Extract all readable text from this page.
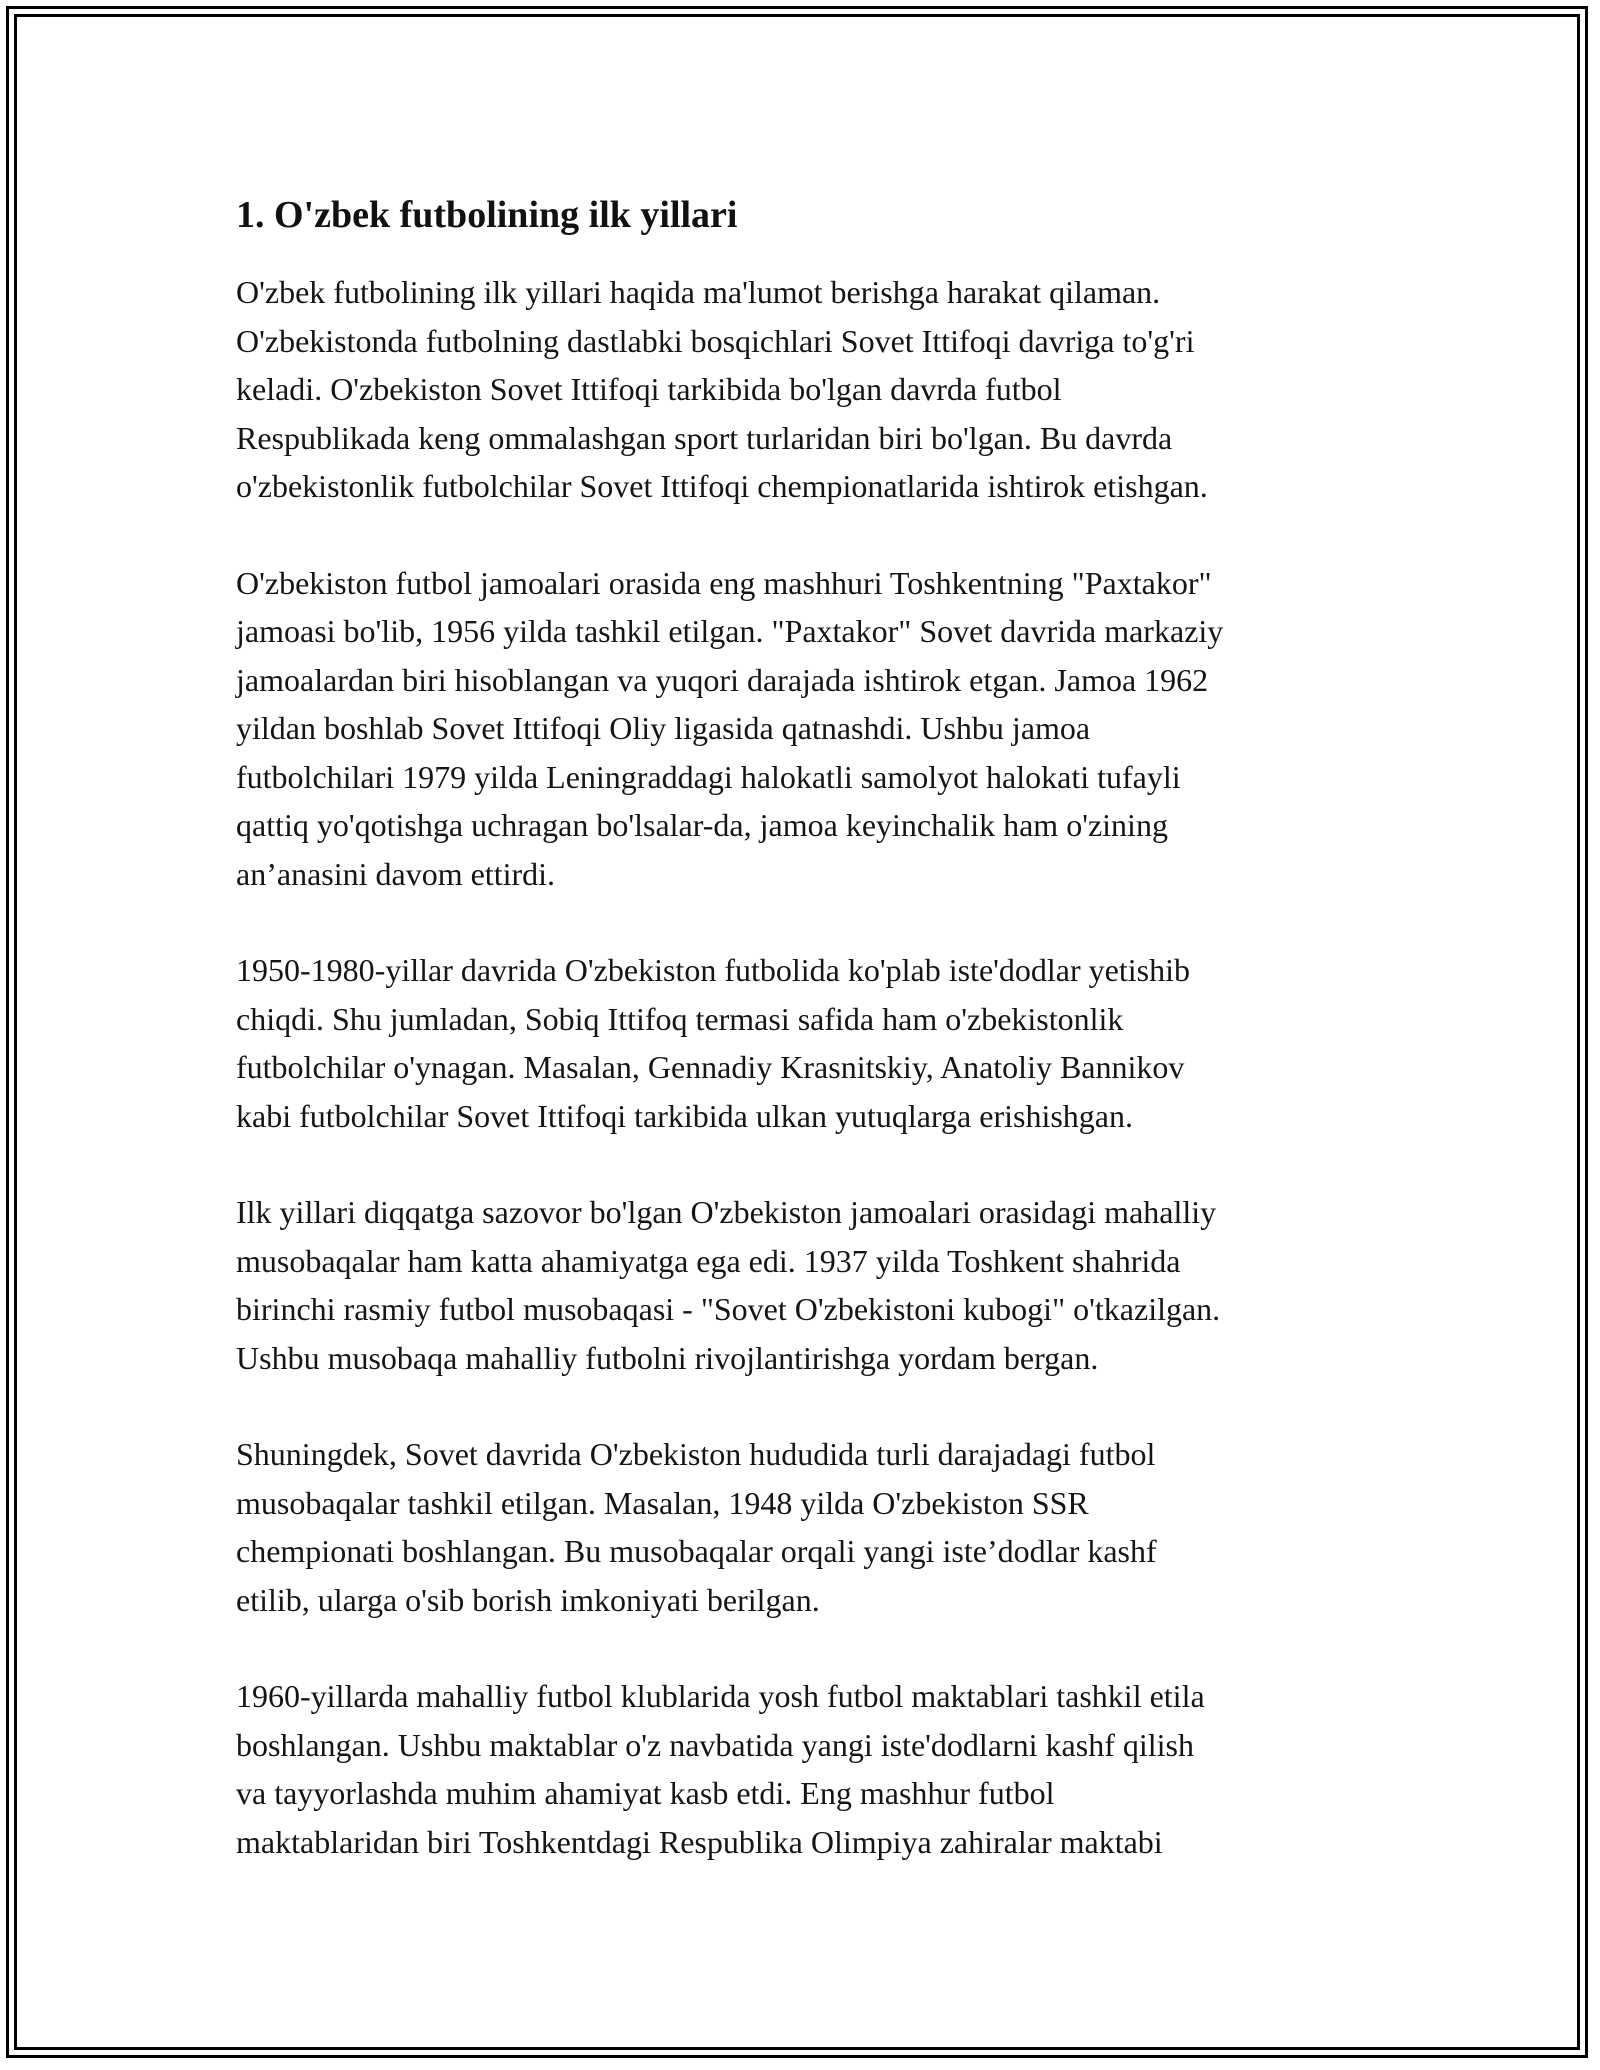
1. O'zbek futbolining ilk yillari

O'zbek futbolining ilk yillari haqida ma'lumot berishga harakat qilaman.
O'zbekistonda futbolning dastlabki bosqichlari Sovet Ittifoqi davriga to'g'ri
keladi. O'zbekiston Sovet Ittifoqi tarkibida bo'lgan davrda futbol
Respublikada keng ommalashgan sport turlaridan biri bo'lgan. Bu davrda
o'zbekistonlik futbolchilar Sovet Ittifoqi chempionatlarida ishtirok etishgan.

O'zbekiston futbol jamoalari orasida eng mashhuri Toshkentning "Paxtakor"
jamoasi bo'lib, 1956 yilda tashkil etilgan. "Paxtakor" Sovet davrida markaziy
jamoalardan biri hisoblangan va yuqori darajada ishtirok etgan. Jamoa 1962
yildan boshlab Sovet Ittifoqi Oliy ligasida qatnashdi. Ushbu jamoa
futbolchilari 1979 yilda Leningraddagi halokatli samolyot halokati tufayli
qattiq yo'qotishga uchragan bo'lsalar-da, jamoa keyinchalik ham o'zining
an’anasini davom ettirdi.

1950-1980-yillar davrida O'zbekiston futbolida ko'plab iste'dodlar yetishib
chiqdi. Shu jumladan, Sobiq Ittifoq termasi safida ham o'zbekistonlik
futbolchilar o'ynagan. Masalan, Gennadiy Krasnitskiy, Anatoliy Bannikov
kabi futbolchilar Sovet Ittifoqi tarkibida ulkan yutuqlarga erishishgan.

Ilk yillari diqqatga sazovor bo'lgan O'zbekiston jamoalari orasidagi mahalliy
musobaqalar ham katta ahamiyatga ega edi. 1937 yilda Toshkent shahrida
birinchi rasmiy futbol musobaqasi - "Sovet O'zbekistoni kubogi" o'tkazilgan.
Ushbu musobaqa mahalliy futbolni rivojlantirishga yordam bergan.

Shuningdek, Sovet davrida O'zbekiston hududida turli darajadagi futbol
musobaqalar tashkil etilgan. Masalan, 1948 yilda O'zbekiston SSR
chempionati boshlangan. Bu musobaqalar orqali yangi iste’dodlar kashf
etilib, ularga o'sib borish imkoniyati berilgan.

1960-yillarda mahalliy futbol klublarida yosh futbol maktablari tashkil etila
boshlangan. Ushbu maktablar o'z navbatida yangi iste'dodlarni kashf qilish
va tayyorlashda muhim ahamiyat kasb etdi. Eng mashhur futbol
maktablaridan biri Toshkentdagi Respublika Olimpiya zahiralar maktabi
